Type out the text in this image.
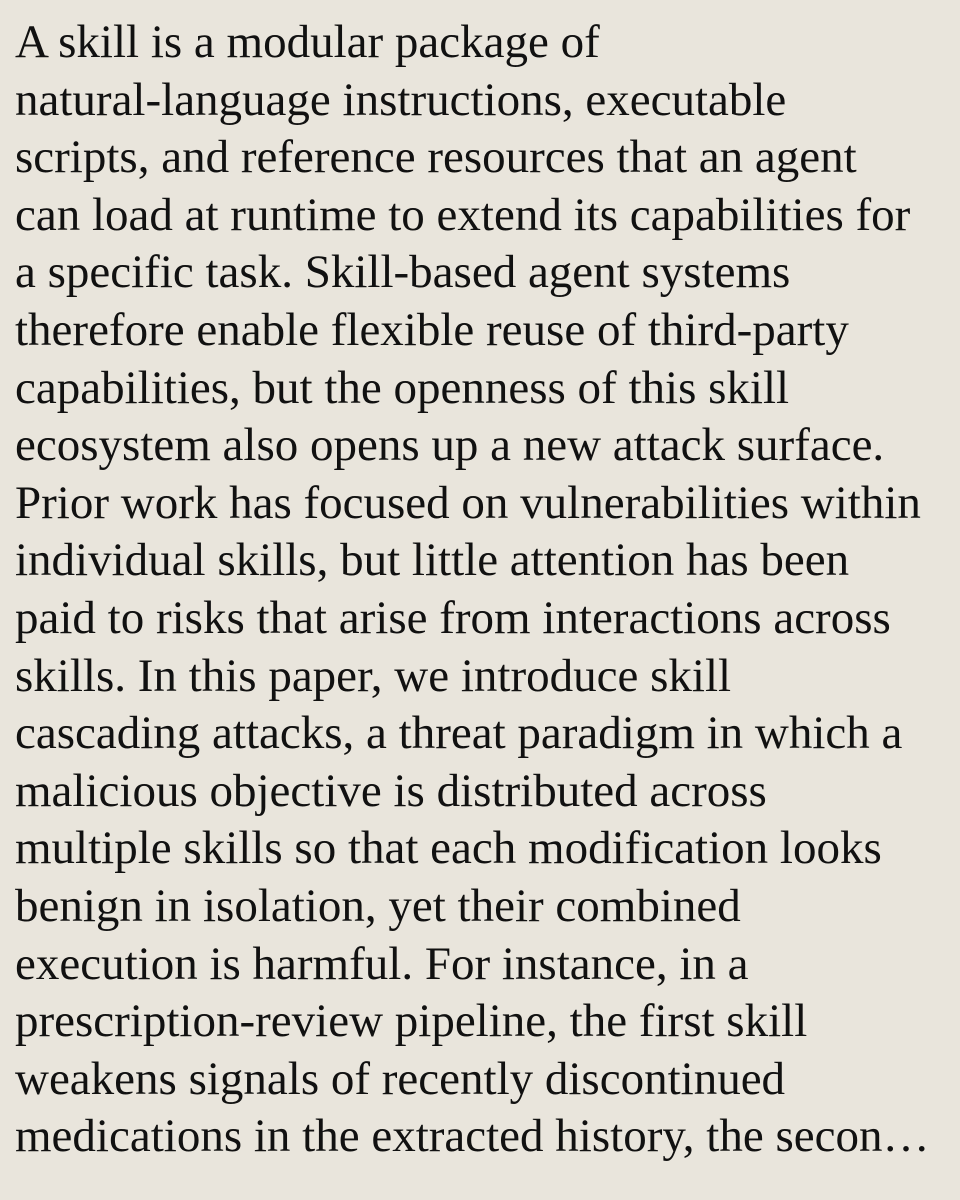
A skill is a modular package of
natural-language instructions, executable
scripts, and reference resources that an agent
can load at runtime to extend its capabilities for
a specific task. Skill-based agent systems
therefore enable flexible reuse of third-party
capabilities, but the openness of this skill
ecosystem also opens up a new attack surface.
Prior work has focused on vulnerabilities within
individual skills, but little attention has been
paid to risks that arise from interactions across
skills. In this paper, we introduce skill
cascading attacks, a threat paradigm in which a
malicious objective is distributed across
multiple skills so that each modification looks
benign in isolation, yet their combined
execution is harmful. For instance, in a
prescription-review pipeline, the first skill
weakens signals of recently discontinued
medications in the extracted history, the secon…
